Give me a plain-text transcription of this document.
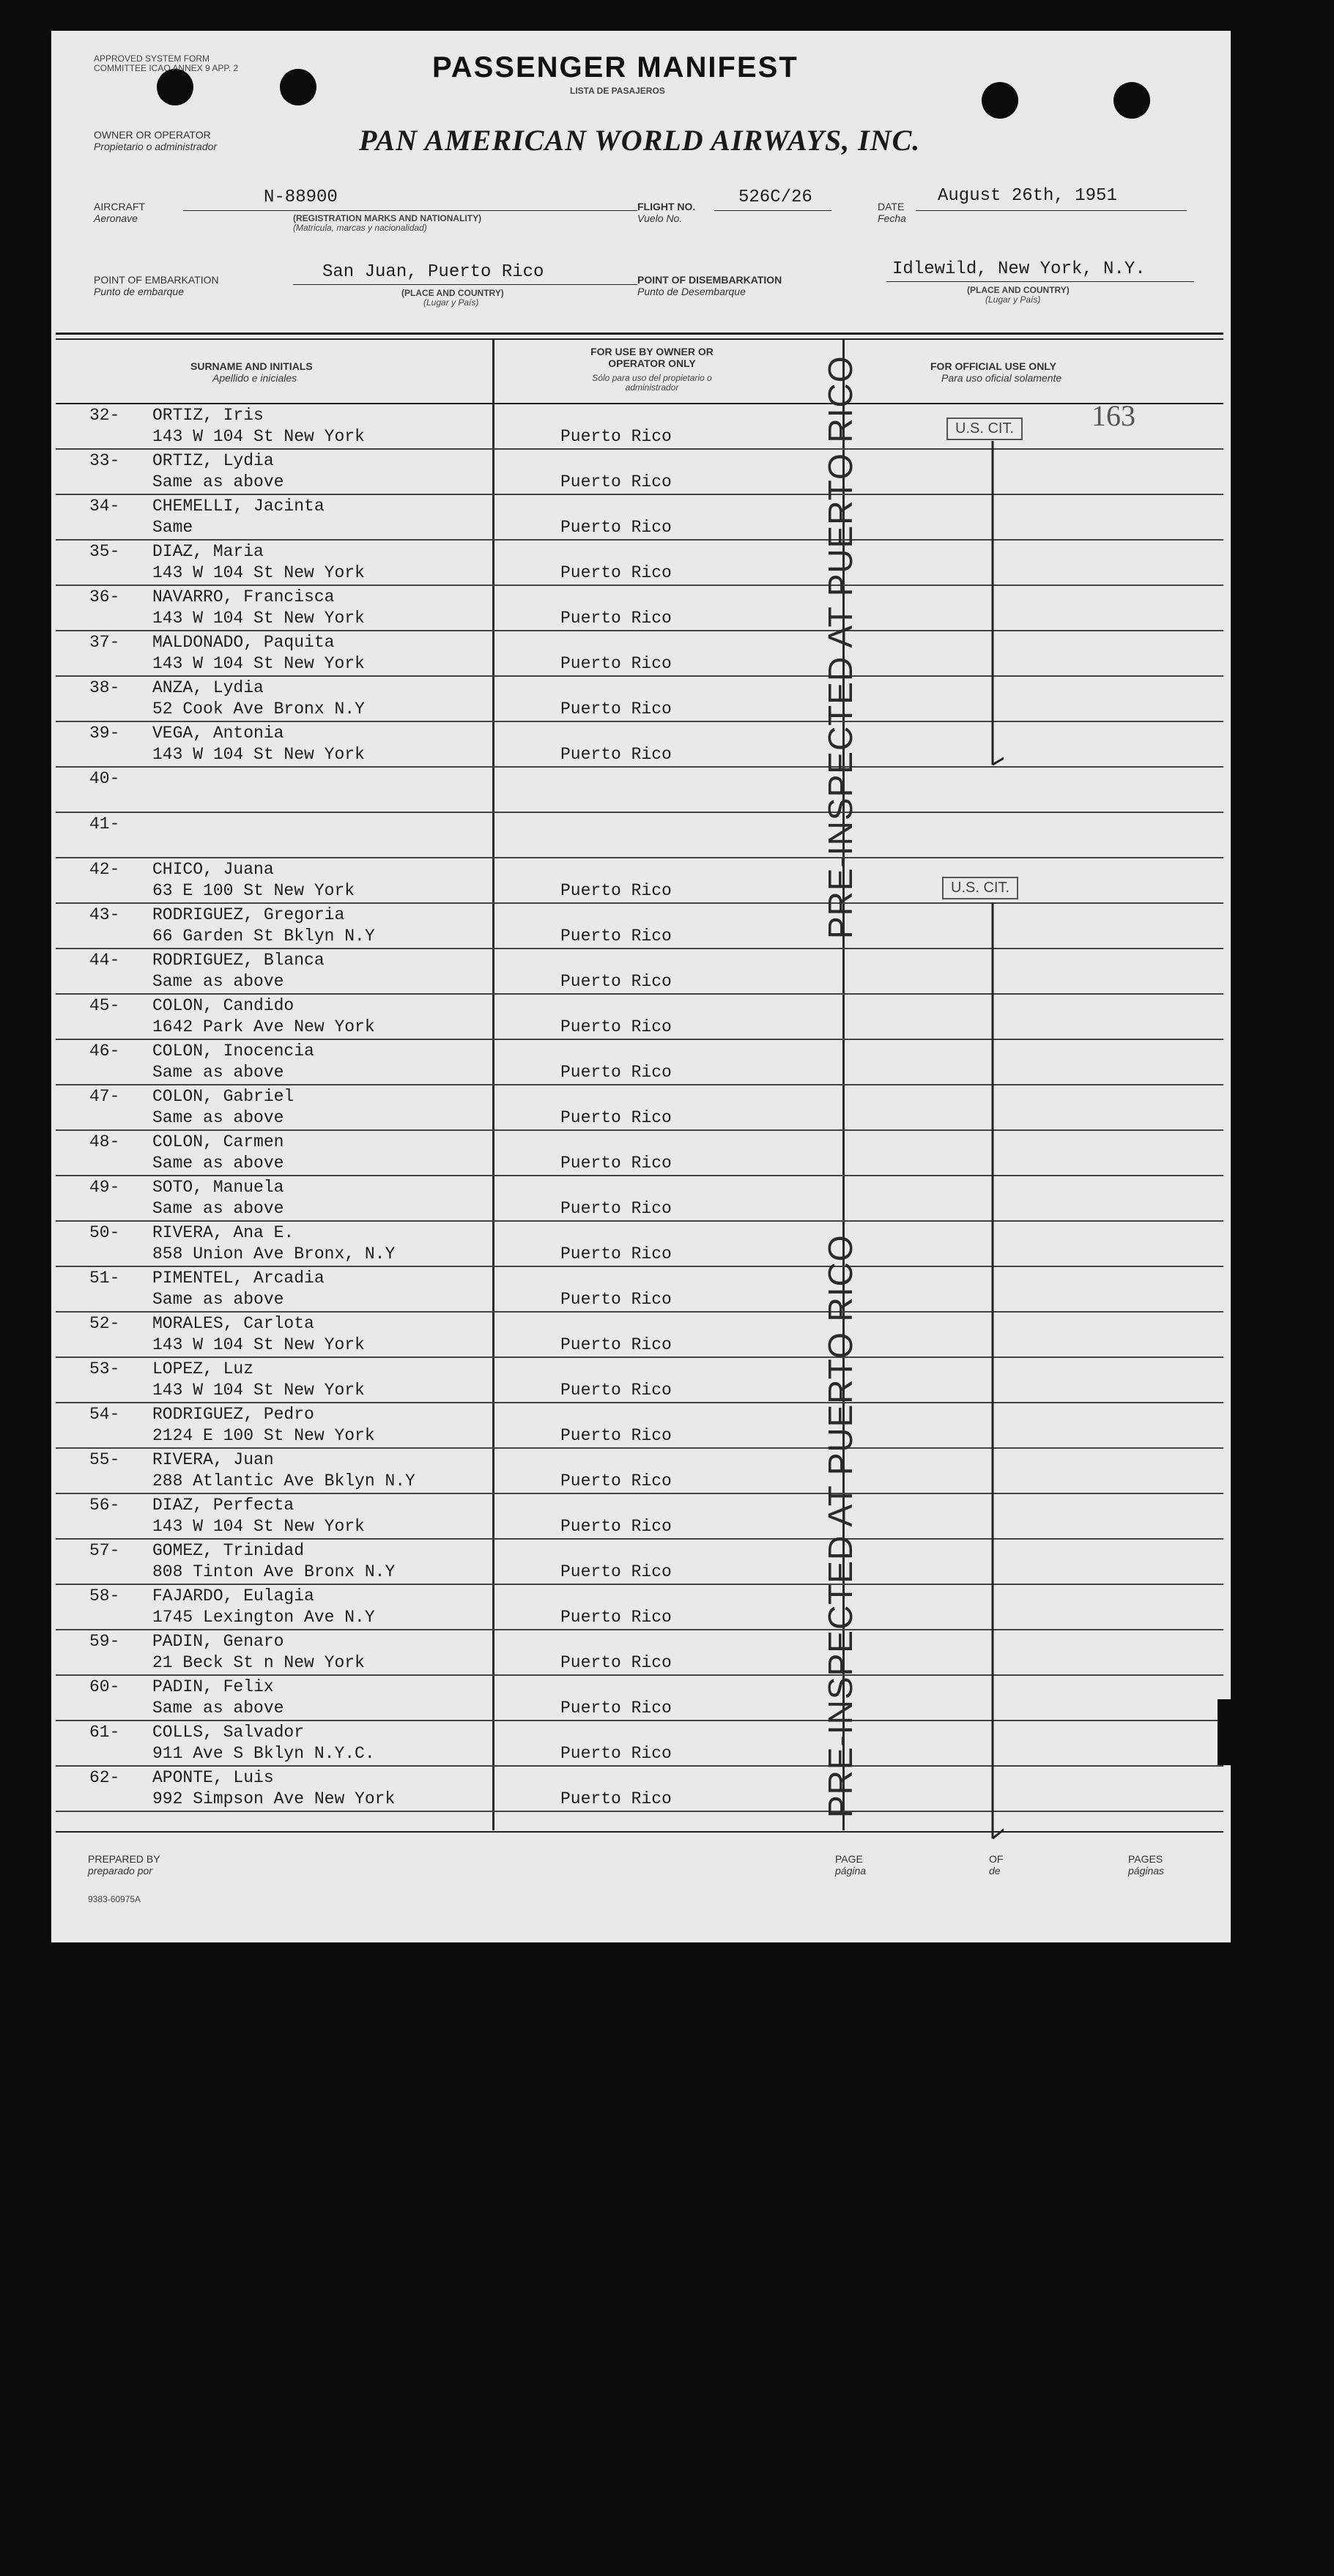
APPROVED SYSTEM FORM COMMITTEE ICAO ANNEX 9 APP. 2	PASSENGER MANIFEST
LISTA DE PASAJEROS
OWNER OR OPERATOR
Propietario o administrador	PAN AMERICAN WORLD AIRWAYS, INC.
AIRCRAFT
Aeronave
N-88900
(REGISTRATION MARKS AND NATIONALITY)
(Matricula, marcas y nacionalidad)
FLIGHT NO.
Vuelo No.
526C/26	DATE
Fecha
August 26th, 1951
POINT OF EMBARKATION
Punto de embarque
San Juan, Puerto Rico
(PLACE AND COUNTRY)
(Lugar y País)
POINT OF DISEMBARKATION
Punto de Desembarque
Idlewild, New York, N.Y.
(PLACE AND COUNTRY)
(Lugar y País)
SURNAME AND INITIALS
Apellido e iniciales
FOR USE BY OWNER OR OPERATOR ONLY
Sólo para uso del propietario o administrador
FOR OFFICIAL USE ONLY
Para uso oficial solamente
32- ORTIZ, Iris
143 W 104 St New York	Puerto Rico
33- ORTIZ, Lydia
Same as above	Puerto Rico
34- CHEMELLI, Jacinta
Same	Puerto Rico
35- DIAZ, Maria
143 W 104 St New York	Puerto Rico
36- NAVARRO, Francisca
143 W 104 St New York	Puerto Rico
37- MALDONADO, Paquita
143 W 104 St New York	Puerto Rico
38- ANZA, Lydia
52 Cook Ave Bronx N.Y	Puerto Rico
39- VEGA, Antonia
143 W 104 St New York	Puerto Rico
40-
41-
42- CHICO, Juana
63 E 100 St New York	Puerto Rico
43- RODRIGUEZ, Gregoria
66 Garden St Bklyn N.Y	Puerto Rico
44- RODRIGUEZ, Blanca
Same as above	Puerto Rico
45- COLON, Candido
1642 Park Ave New York	Puerto Rico
46- COLON, Inocencia
Same as above	Puerto Rico
47- COLON, Gabriel
Same as above	Puerto Rico
48- COLON, Carmen
Same as above	Puerto Rico
49- SOTO, Manuela
Same as above	Puerto Rico
50- RIVERA, Ana E.
858 Union Ave Bronx, N.Y	Puerto Rico
51- PIMENTEL, Arcadia
Same as above	Puerto Rico
52- MORALES, Carlota
143 W 104 St New York	Puerto Rico
53- LOPEZ, Luz
143 W 104 St New York	Puerto Rico
54- RODRIGUEZ, Pedro
2124 E 100 St New York	Puerto Rico
55- RIVERA, Juan
288 Atlantic Ave Bklyn N.Y	Puerto Rico
56- DIAZ, Perfecta
143 W 104 St New York	Puerto Rico
57- GOMEZ, Trinidad
808 Tinton Ave Bronx N.Y	Puerto Rico
58- FAJARDO, Eulagia
1745 Lexington Ave N.Y	Puerto Rico
59- PADIN, Genaro
21 Beck St n New York	Puerto Rico
60- PADIN, Felix
Same as above	Puerto Rico
61- COLLS, Salvador
911 Ave S Bklyn N.Y.C.	Puerto Rico
62- APONTE, Luis
992 Simpson Ave New York	Puerto Rico
163
U.S. CIT.
U.S. CIT.
PRE-INSPECTED AT PUERTO RICO
PRE-INSPECTED AT PUERTO RICO
PREPARED BY
preparado por
PAGE
página
OF
de
PAGES
páginas
9383-60975A
